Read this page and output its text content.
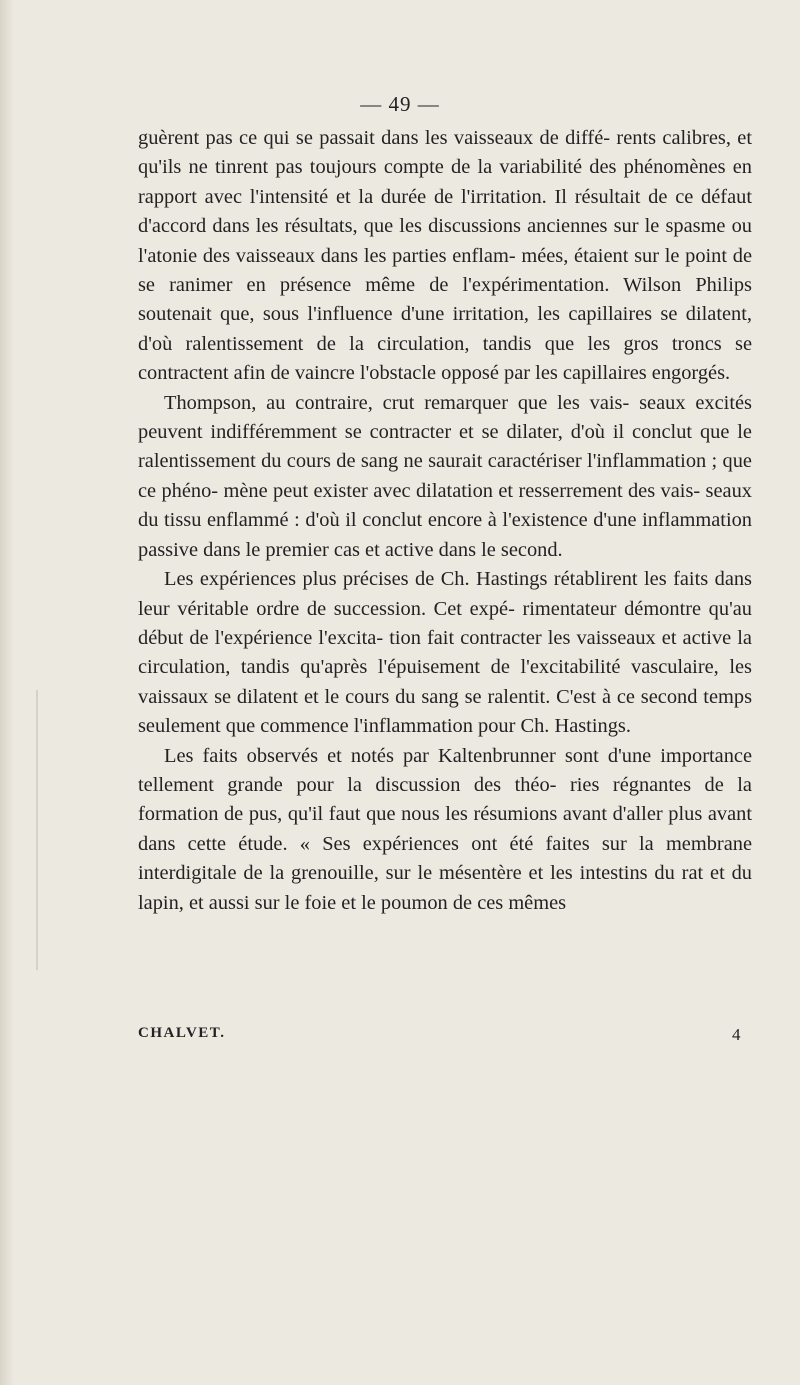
— 49 —

guèrent pas ce qui se passait dans les vaisseaux de diffé- rents calibres, et qu'ils ne tinrent pas toujours compte de la variabilité des phénomènes en rapport avec l'intensité et la durée de l'irritation. Il résultait de ce défaut d'accord dans les résultats, que les discussions anciennes sur le spasme ou l'atonie des vaisseaux dans les parties enflam- mées, étaient sur le point de se ranimer en présence même de l'expérimentation. Wilson Philips soutenait que, sous l'influence d'une irritation, les capillaires se dilatent, d'où ralentissement de la circulation, tandis que les gros troncs se contractent afin de vaincre l'obstacle opposé par les capillaires engorgés.

Thompson, au contraire, crut remarquer que les vais- seaux excités peuvent indifféremment se contracter et se dilater, d'où il conclut que le ralentissement du cours de sang ne saurait caractériser l'inflammation ; que ce phéno- mène peut exister avec dilatation et resserrement des vais- seaux du tissu enflammé : d'où il conclut encore à l'existence d'une inflammation passive dans le premier cas et active dans le second.

Les expériences plus précises de Ch. Hastings rétablirent les faits dans leur véritable ordre de succession. Cet expé- rimentateur démontre qu'au début de l'expérience l'excita- tion fait contracter les vaisseaux et active la circulation, tandis qu'après l'épuisement de l'excitabilité vasculaire, les vaissaux se dilatent et le cours du sang se ralentit. C'est à ce second temps seulement que commence l'inflammation pour Ch. Hastings.

Les faits observés et notés par Kaltenbrunner sont d'une importance tellement grande pour la discussion des théo- ries régnantes de la formation de pus, qu'il faut que nous les résumions avant d'aller plus avant dans cette étude. « Ses expériences ont été faites sur la membrane interdigitale de la grenouille, sur le mésentère et les intestins du rat et du lapin, et aussi sur le foie et le poumon de ces mêmes

CHALVET.	4
